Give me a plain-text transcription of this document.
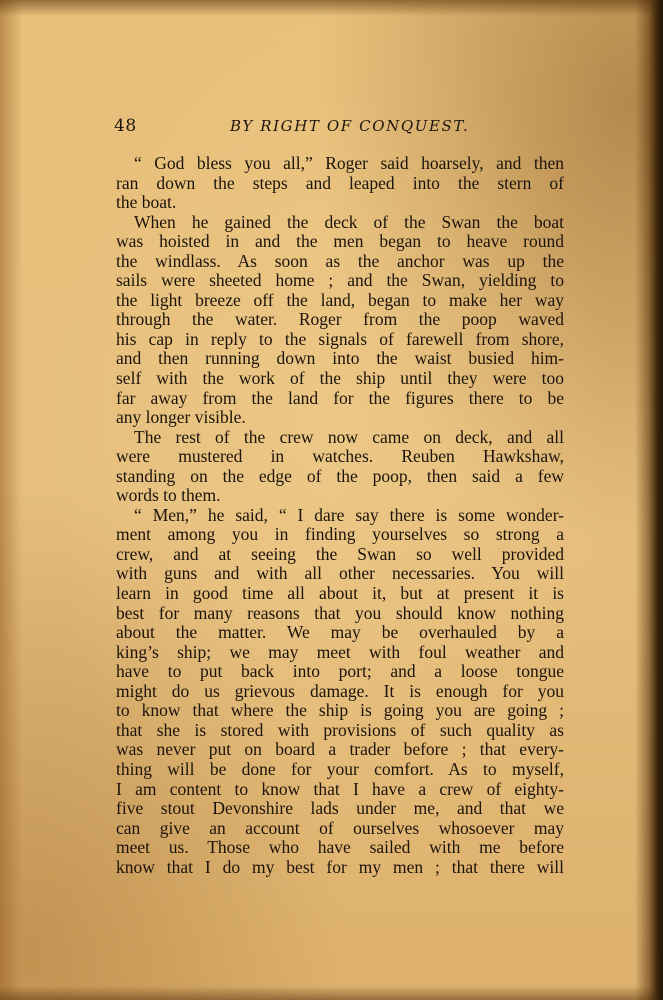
48	BY RIGHT OF CONQUEST.
“ God bless you all,” Roger said hoarsely, and then
ran down the steps and leaped into the stern of
the boat.
When he gained the deck of the Swan the boat
was hoisted in and the men began to heave round
the windlass. As soon as the anchor was up the
sails were sheeted home ; and the Swan, yielding to
the light breeze off the land, began to make her way
through the water. Roger from the poop waved
his cap in reply to the signals of farewell from shore,
and then running down into the waist busied him-
self with the work of the ship until they were too
far away from the land for the figures there to be
any longer visible.
The rest of the crew now came on deck, and all
were mustered in watches. Reuben Hawkshaw,
standing on the edge of the poop, then said a few
words to them.
“ Men,” he said, “ I dare say there is some wonder-
ment among you in finding yourselves so strong a
crew, and at seeing the Swan so well provided
with guns and with all other necessaries. You will
learn in good time all about it, but at present it is
best for many reasons that you should know nothing
about the matter. We may be overhauled by a
king’s ship; we may meet with foul weather and
have to put back into port; and a loose tongue
might do us grievous damage. It is enough for you
to know that where the ship is going you are going ;
that she is stored with provisions of such quality as
was never put on board a trader before ; that every-
thing will be done for your comfort. As to myself,
I am content to know that I have a crew of eighty-
five stout Devonshire lads under me, and that we
can give an account of ourselves whosoever may
meet us. Those who have sailed with me before
know that I do my best for my men ; that there will
